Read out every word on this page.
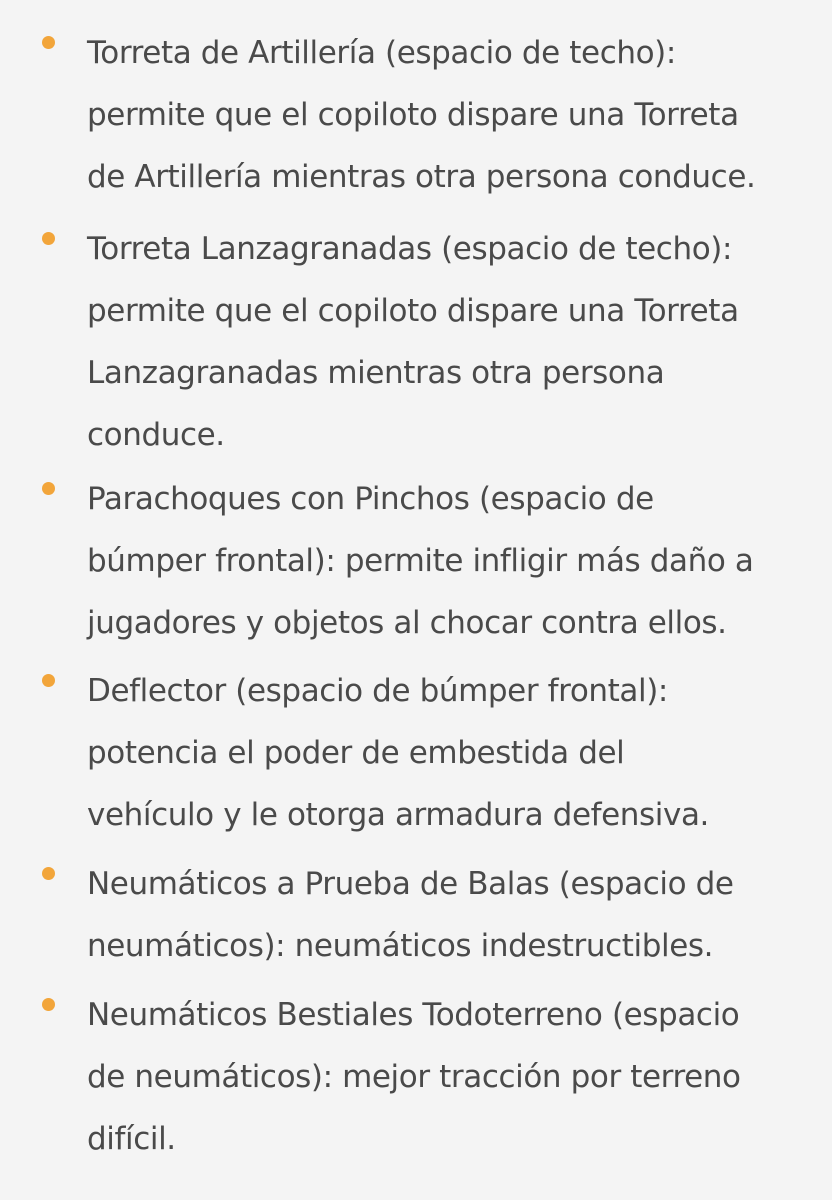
Torreta de Artillería (espacio de techo):
permite que el copiloto dispare una Torreta
de Artillería mientras otra persona conduce.
Torreta Lanzagranadas (espacio de techo):
permite que el copiloto dispare una Torreta
Lanzagranadas mientras otra persona
conduce.
Parachoques con Pinchos (espacio de
búmper frontal): permite infligir más daño a
jugadores y objetos al chocar contra ellos.
Deflector (espacio de búmper frontal):
potencia el poder de embestida del
vehículo y le otorga armadura defensiva.
Neumáticos a Prueba de Balas (espacio de
neumáticos): neumáticos indestructibles.
Neumáticos Bestiales Todoterreno (espacio
de neumáticos): mejor tracción por terreno
difícil.
